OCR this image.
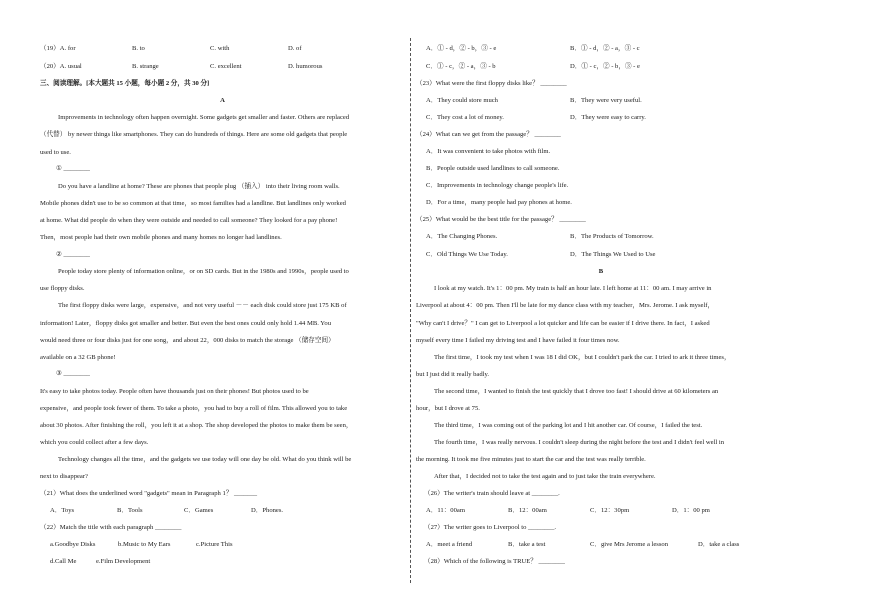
（19）A. for	B. to	C. with	D. of
（20）A. usual	B. strange	C. excellent	D. humorous
三、阅读理解。[本大题共 15 小题，每小题 2 分，共 30 分]
A

Improvements in technology often happen overnight. Some gadgets get smaller and faster. Others are replaced

（代替） by newer things like smartphones. They can do hundreds of things. Here are some old gadgets that people

used to use.

① ________

Do you have a landline at home? These are phones that people plug （插入） into their living room walls.

Mobile phones didn't use to be so common at that time，so most families had a landline. But landlines only worked

at home. What did people do when they were outside and needed to call someone? They looked for a pay phone!

Then，most people had their own mobile phones and many homes no longer had landlines.

② ________

People today store plenty of information online，or on SD cards. But in the 1980s and 1990s，people used to

use floppy disks.

The first floppy disks were large，expensive，and not very useful －－ each disk could store just 175 KB of

information! Later，floppy disks got smaller and better. But even the best ones could only hold 1.44 MB. You

would need three or four disks just for one song，and about 22，000 disks to match the storage （储存空间）

available on a 32 GB phone!

③ ________

It's easy to take photos today. People often have thousands just on their phones! But photos used to be

expensive，and people took fewer of them. To take a photo，you had to buy a roll of film. This allowed you to take

about 30 photos. After finishing the roll，you left it at a shop. The shop developed the photos to make them be seen，

which you could collect after a few days.

Technology changes all the time，and the gadgets we use today will one day be old. What do you think will be

next to disappear?

（21）What does the underlined word "gadgets" mean in Paragraph 1？ _______
A．Toys	B．Tools	C．Games	D．Phones.
（22）Match the title with each paragraph ________
a.Goodbye Disks	b.Music to My Ears	c.Picture This
d.Call Me	e.Film Development
A．① - d，② - b，③ - e	B．① - d，② - a，③ - c
C．① - c，② - a，③ - b	D．① - c，② - b，③ - e
（23）What were the first floppy disks like？ ________
A．They could store much	B．They were very useful.
C．They cost a lot of money.	D．They were easy to carry.
（24）What can we get from the passage？ ________
A．It was convenient to take photos with film.
B．People outside used landlines to call someone.
C．Improvements in technology change people's life.
D．For a time，many people had pay phones at home.
（25）What would be the best title for the passage？ ________
A．The Changing Phones.	B．The Products of Tomorrow.
C．Old Things We Use Today.	D．The Things We Used to Use
B

I look at my watch. It's 1：00 pm. My train is half an hour late. I left home at 11：00 am. I may arrive in

Liverpool at about 4：00 pm. Then I'll be late for my dance class with my teacher，Mrs. Jerome. I ask myself，

"Why can't I drive？" I can get to Liverpool a lot quicker and life can be easier if I drive there. In fact，I asked

myself every time I failed my driving test and I have failed it four times now.

The first time，I took my test when I was 18 I did OK，but I couldn't park the car. I tried to ark it three times，

but I just did it really badly.

The second time，I wanted to finish the test quickly that I drove too fast! I should drive at 60 kilometers an

hour，but I drove at 75.

The third time，I was coming out of the parking lot and I hit another car. Of course，I failed the test.

The fourth time，I was really nervous. I couldn't sleep during the night before the test and I didn't feel well in

the morning. It took me five minutes just to start the car and the test was really terrible.

After that，I decided not to take the test again and to just take the train everywhere.

（26）The writer's train should leave at ________.
A．11：00am	B．12：00am	C．12：30pm	D．1：00 pm
（27）The writer goes to Liverpool to ________.
A．meet a friend	B．take a test	C．give Mrs Jerome a lesson	D．take a class
（28）Which of the following is TRUE？ ________
